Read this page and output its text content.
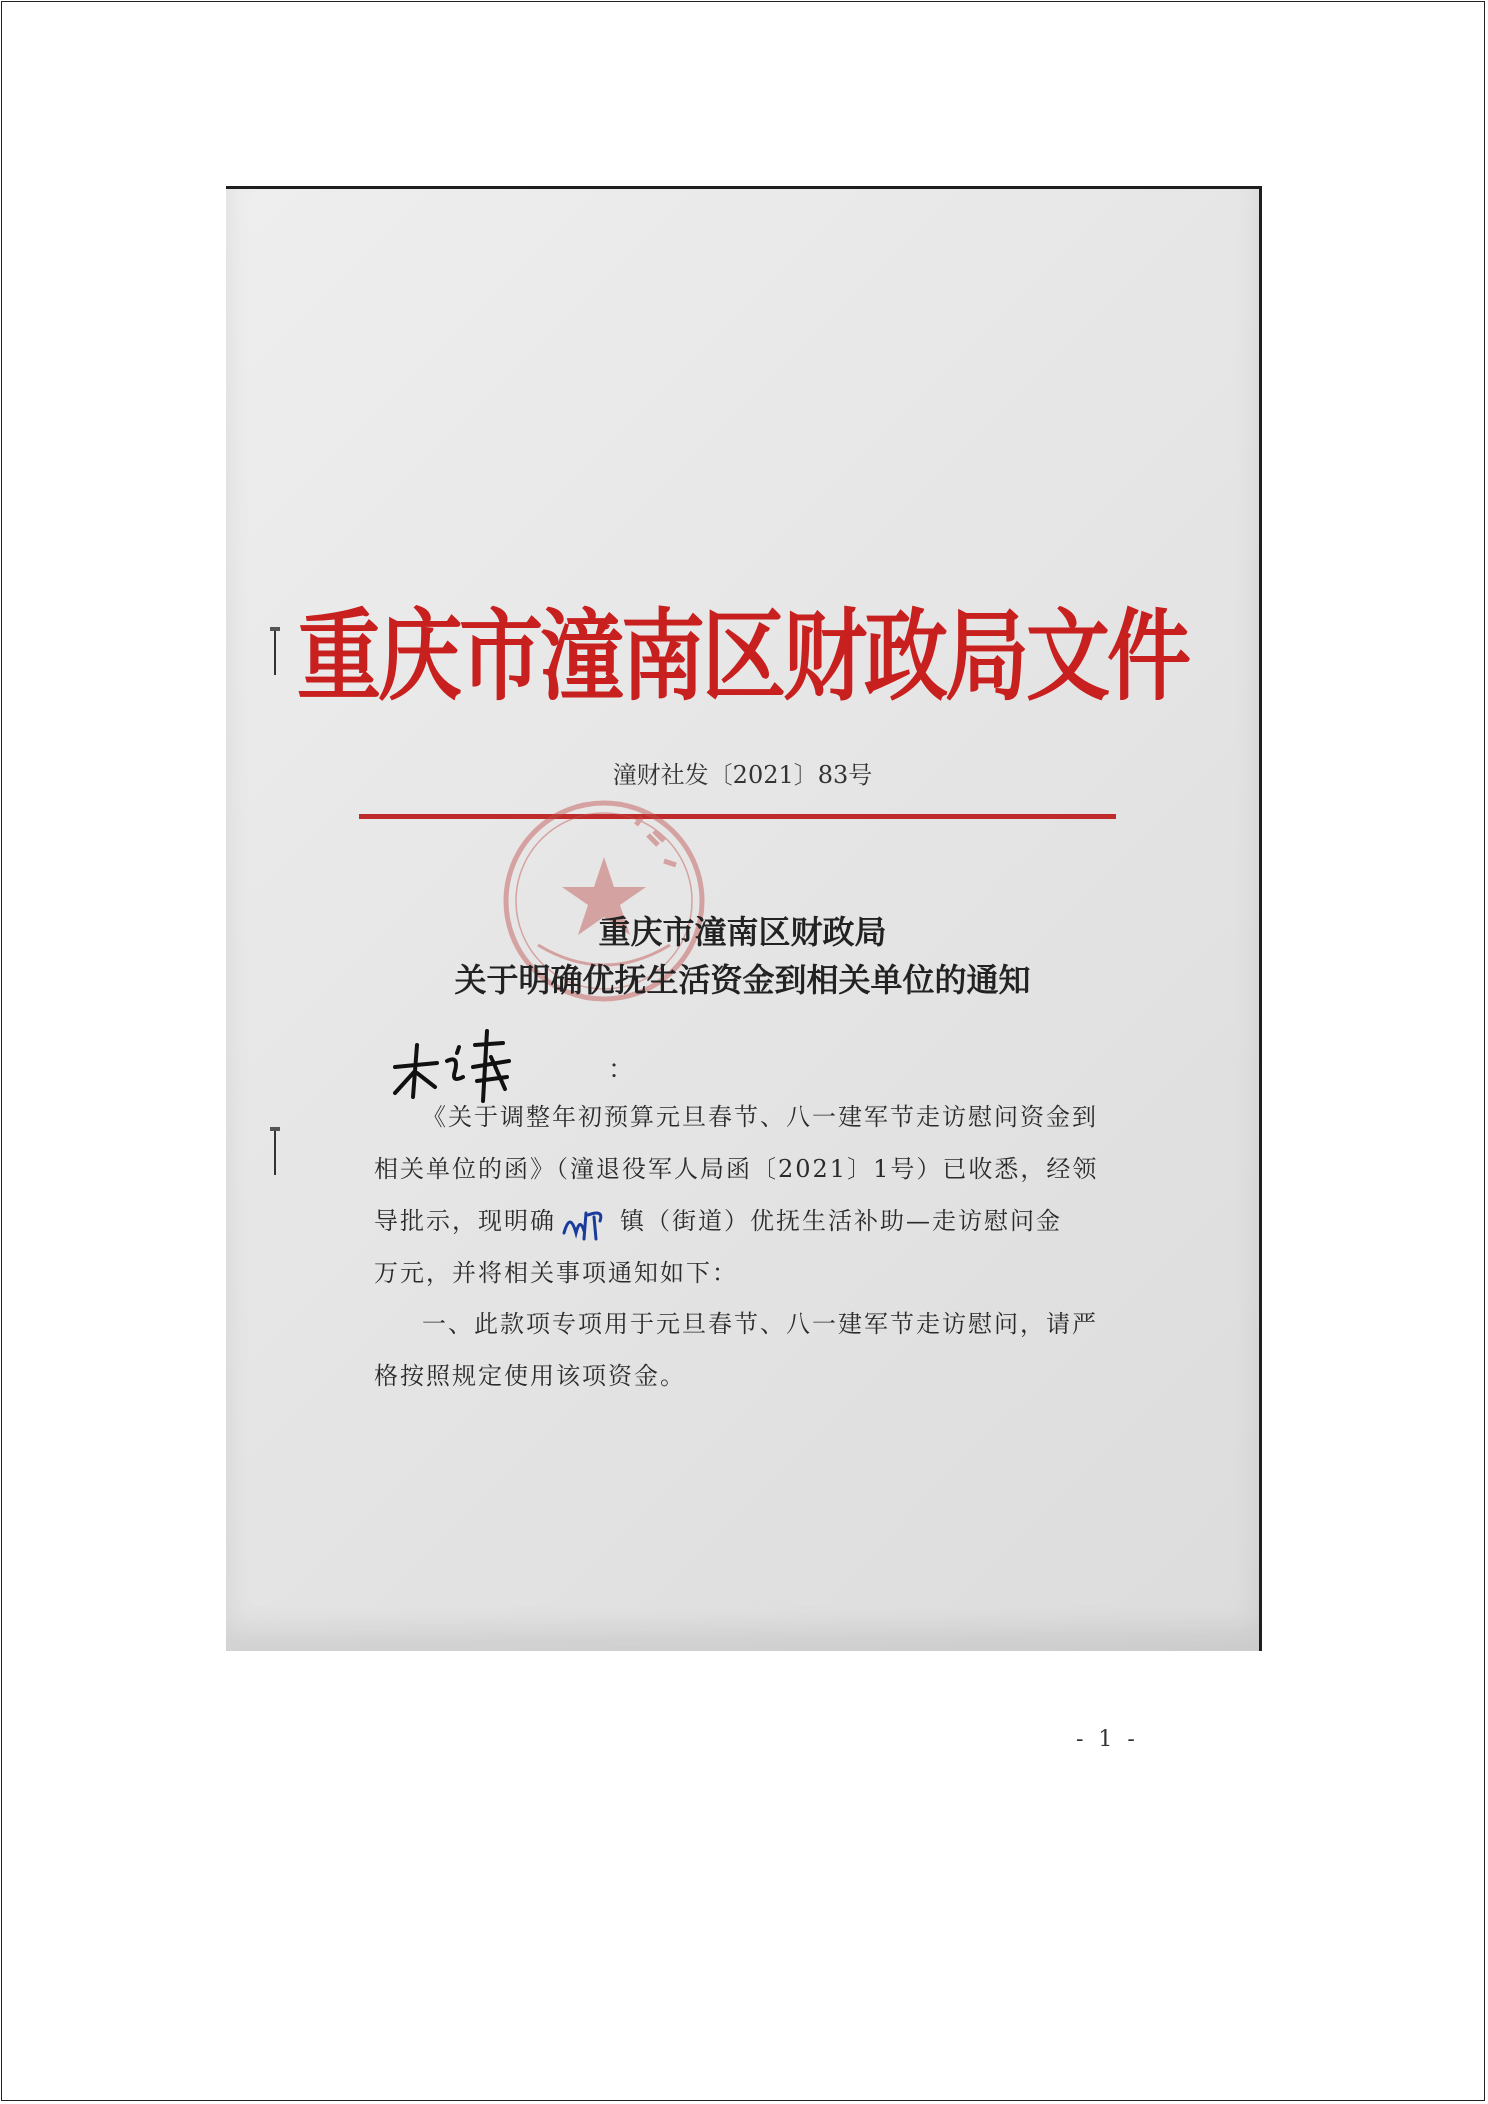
重庆市潼南区财政局文件
潼财社发〔2021〕83号
重庆市潼南区财政局
关于明确优抚生活资金到相关单位的通知
：
《关于调整年初预算元旦春节、八一建军节走访慰问资金到
相关单位的函》（潼退役军人局函〔2021〕1号）已收悉，经领
导批示，现明确	镇（街道）优抚生活补助—走访慰问金
万元，并将相关事项通知如下：
一、此款项专项用于元旦春节、八一建军节走访慰问，请严
格按照规定使用该项资金。
- 1 -
